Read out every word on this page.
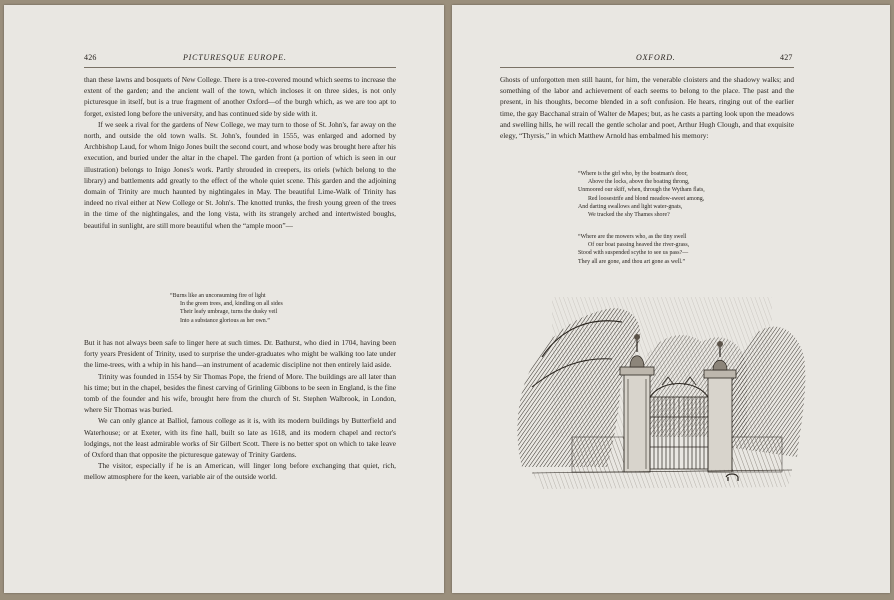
426	PICTURESQUE EUROPE.

than these lawns and bosquets of New College. There is a tree-covered mound which seems to increase the extent of the garden; and the ancient wall of the town, which incloses it on three sides, is not only picturesque in itself, but is a true fragment of another Oxford—of the burgh which, as we are too apt to forget, existed long before the university, and has continued side by side with it.

If we seek a rival for the gardens of New College, we may turn to those of St. John's, far away on the north, and outside the old town walls. St. John's, founded in 1555, was enlarged and adorned by Archbishop Laud, for whom Inigo Jones built the second court, and whose body was brought here after his execution, and buried under the altar in the chapel. The garden front (a portion of which is seen in our illustration) belongs to Inigo Jones's work. Partly shrouded in creepers, its oriels (which belong to the library) and battlements add greatly to the effect of the whole quiet scene. This garden and the adjoining domain of Trinity are much haunted by nightingales in May. The beautiful Lime-Walk of Trinity has indeed no rival either at New College or St. John's. The knotted trunks, the fresh young green of the trees in the time of the nightingales, and the long vista, with its strangely arched and intertwisted boughs, beautiful in sunlight, are still more beautiful when the “ample moon”—

“Burns like an unconsuming fire of light
In the green trees, and, kindling on all sides
Their leafy umbrage, turns the dusky veil
Into a substance glorious as her own.”

But it has not always been safe to linger here at such times. Dr. Bathurst, who died in 1704, having been forty years President of Trinity, used to surprise the under-graduates who might be walking too late under the lime-trees, with a whip in his hand—an instrument of academic discipline not then entirely laid aside.

Trinity was founded in 1554 by Sir Thomas Pope, the friend of More. The buildings are all later than his time; but in the chapel, besides the finest carving of Grinling Gibbons to be seen in England, is the fine tomb of the founder and his wife, brought here from the church of St. Stephen Walbrook, in London, where Sir Thomas was buried.

We can only glance at Balliol, famous college as it is, with its modern buildings by Butterfield and Waterhouse; or at Exeter, with its fine hall, built so late as 1618, and its modern chapel and rector's lodgings, not the least admirable works of Sir Gilbert Scott. There is no better spot on which to take leave of Oxford than that opposite the picturesque gateway of Trinity Gardens.

The visitor, especially if he is an American, will linger long before exchanging that quiet, rich, mellow atmosphere for the keen, variable air of the outside world.

OXFORD.	427

Ghosts of unforgotten men still haunt, for him, the venerable cloisters and the shadowy walks; and something of the labor and achievement of each seems to belong to the place. The past and the present, in his thoughts, become blended in a soft confusion. He hears, ringing out of the earlier time, the gay Bacchanal strain of Walter de Mapes; but, as he casts a parting look upon the meadows and swelling hills, he will recall the gentle scholar and poet, Arthur Hugh Clough, and that exquisite elegy, “Thyrsis,” in which Matthew Arnold has embalmed his memory:

“Where is the girl who, by the boatman's door,
Above the locks, above the boating throng,
Unmoored our skiff, when, through the Wytham flats,
Red loosestrife and blond meadow-sweet among,
And darting swallows and light water-gnats,
We tracked the shy Thames shore?
“Where are the mowers who, as the tiny swell
Of our boat passing heaved the river-grass,
Stood with suspended scythe to see us pass?—
They all are gone, and thou art gone as well.”
